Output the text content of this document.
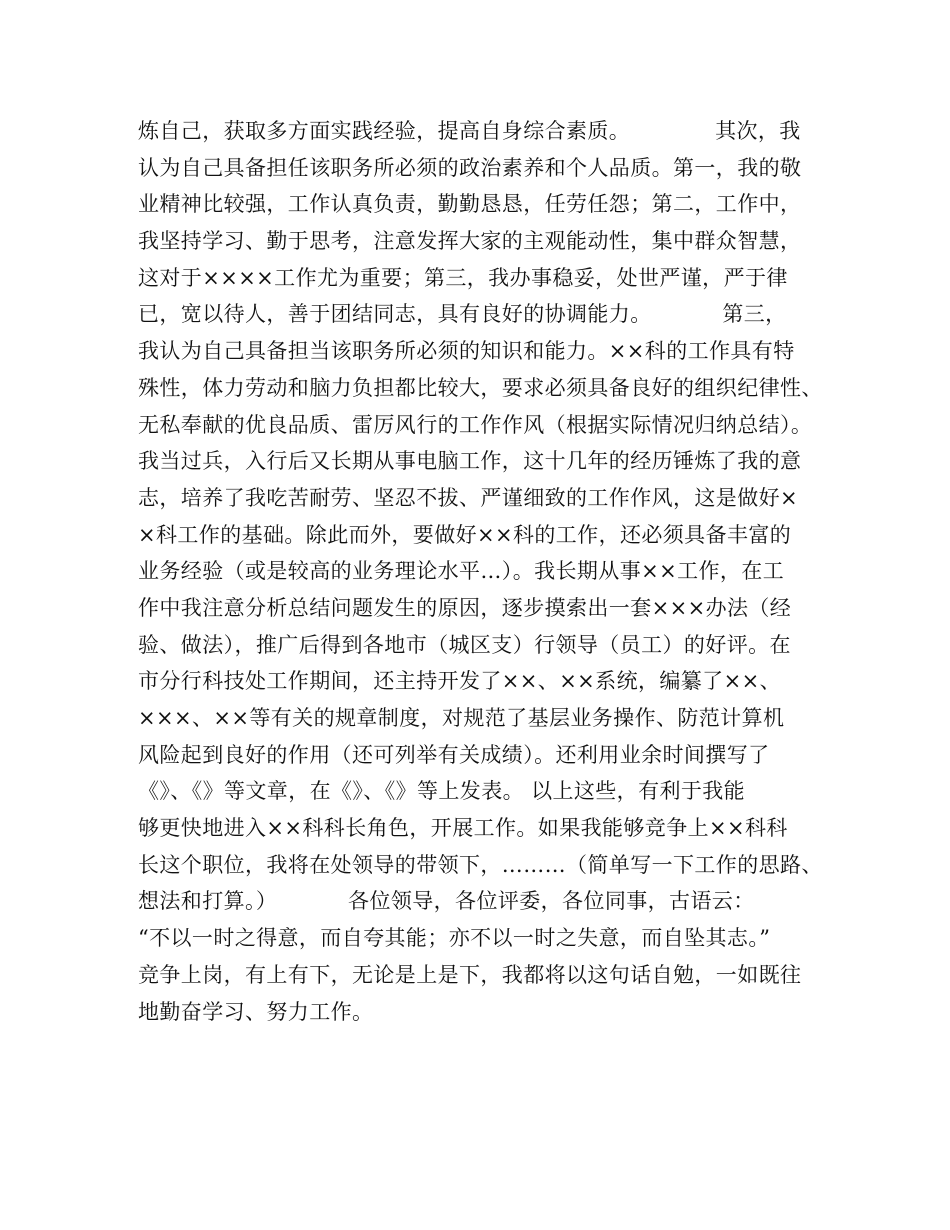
炼自己，获取多方面实践经验，提高自身综合素质。            其次，我
认为自己具备担任该职务所必须的政治素养和个人品质。第一，我的敬
业精神比较强，工作认真负责，勤勤恳恳，任劳任怨；第二，工作中，
我坚持学习、勤于思考，注意发挥大家的主观能动性，集中群众智慧，
这对于××××工作尤为重要；第三，我办事稳妥，处世严谨，严于律
已，宽以待人，善于团结同志，具有良好的协调能力。          第三，
我认为自己具备担当该职务所必须的知识和能力。××科的工作具有特
殊性，体力劳动和脑力负担都比较大，要求必须具备良好的组织纪律性、
无私奉献的优良品质、雷厉风行的工作作风（根据实际情况归纳总结）。
我当过兵，入行后又长期从事电脑工作，这十几年的经历锤炼了我的意
志，培养了我吃苦耐劳、坚忍不拔、严谨细致的工作作风，这是做好×
×科工作的基础。除此而外，要做好××科的工作，还必须具备丰富的
业务经验（或是较高的业务理论水平…）。我长期从事××工作，在工
作中我注意分析总结问题发生的原因，逐步摸索出一套×××办法（经
验、做法），推广后得到各地市（城区支）行领导（员工）的好评。在
市分行科技处工作期间，还主持开发了××、××系统，编纂了××、
×××、××等有关的规章制度，对规范了基层业务操作、防范计算机
风险起到良好的作用（还可列举有关成绩）。还利用业余时间撰写了
《》、《》等文章，在《》、《》等上发表。 以上这些，有利于我能
够更快地进入××科科长角色，开展工作。如果我能够竞争上××科科
长这个职位，我将在处领导的带领下，………（简单写一下工作的思路、
想法和打算。）          各位领导，各位评委，各位同事，古语云：
“不以一时之得意，而自夸其能；亦不以一时之失意，而自坠其志。”
竞争上岗，有上有下，无论是上是下，我都将以这句话自勉，一如既往
地勤奋学习、努力工作。
